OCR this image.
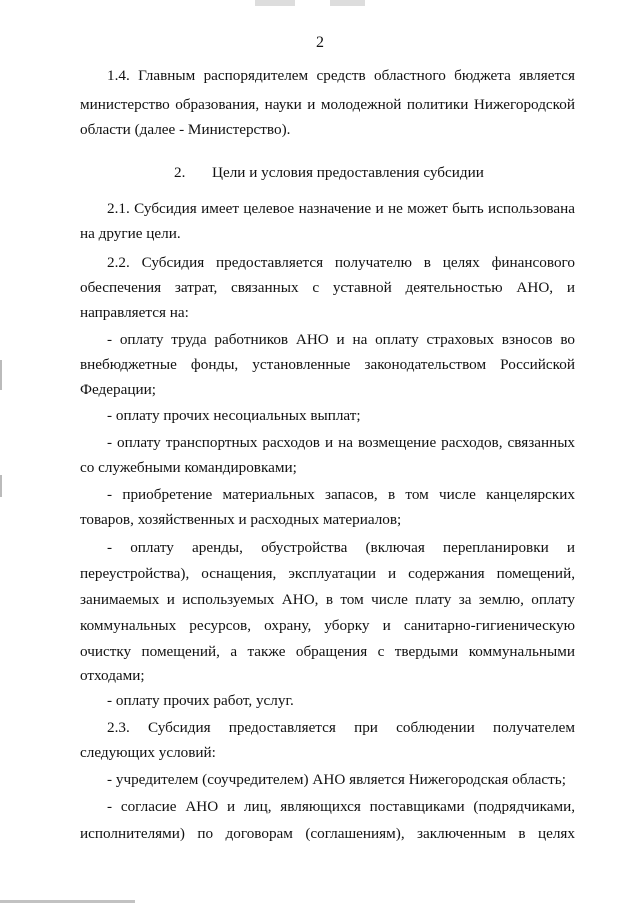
2
1.4. Главным распорядителем средств областного бюджета является
министерство образования, науки и молодежной политики Нижегородской
области (далее - Министерство).
2. Цели и условия предоставления субсидии
2.1. Субсидия имеет целевое назначение и не может быть использована
на другие цели.
2.2. Субсидия предоставляется получателю в целях финансового
обеспечения затрат, связанных с уставной деятельностью АНО, и
направляется на:
- оплату труда работников АНО и на оплату страховых взносов во
внебюджетные фонды, установленные законодательством Российской
Федерации;
- оплату прочих несоциальных выплат;
- оплату транспортных расходов и на возмещение расходов, связанных
со служебными командировками;
- приобретение материальных запасов, в том числе канцелярских
товаров, хозяйственных и расходных материалов;
- оплату аренды, обустройства (включая перепланировки и
переустройства), оснащения, эксплуатации и содержания помещений,
занимаемых и используемых АНО, в том числе плату за землю, оплату
коммунальных ресурсов, охрану, уборку и санитарно-гигиеническую
очистку помещений, а также обращения с твердыми коммунальными
отходами;
- оплату прочих работ, услуг.
2.3. Субсидия предоставляется при соблюдении получателем
следующих условий:
- учредителем (соучредителем) АНО является Нижегородская область;
- согласие АНО и лиц, являющихся поставщиками (подрядчиками,
исполнителями) по договорам (соглашениям), заключенным в целях
